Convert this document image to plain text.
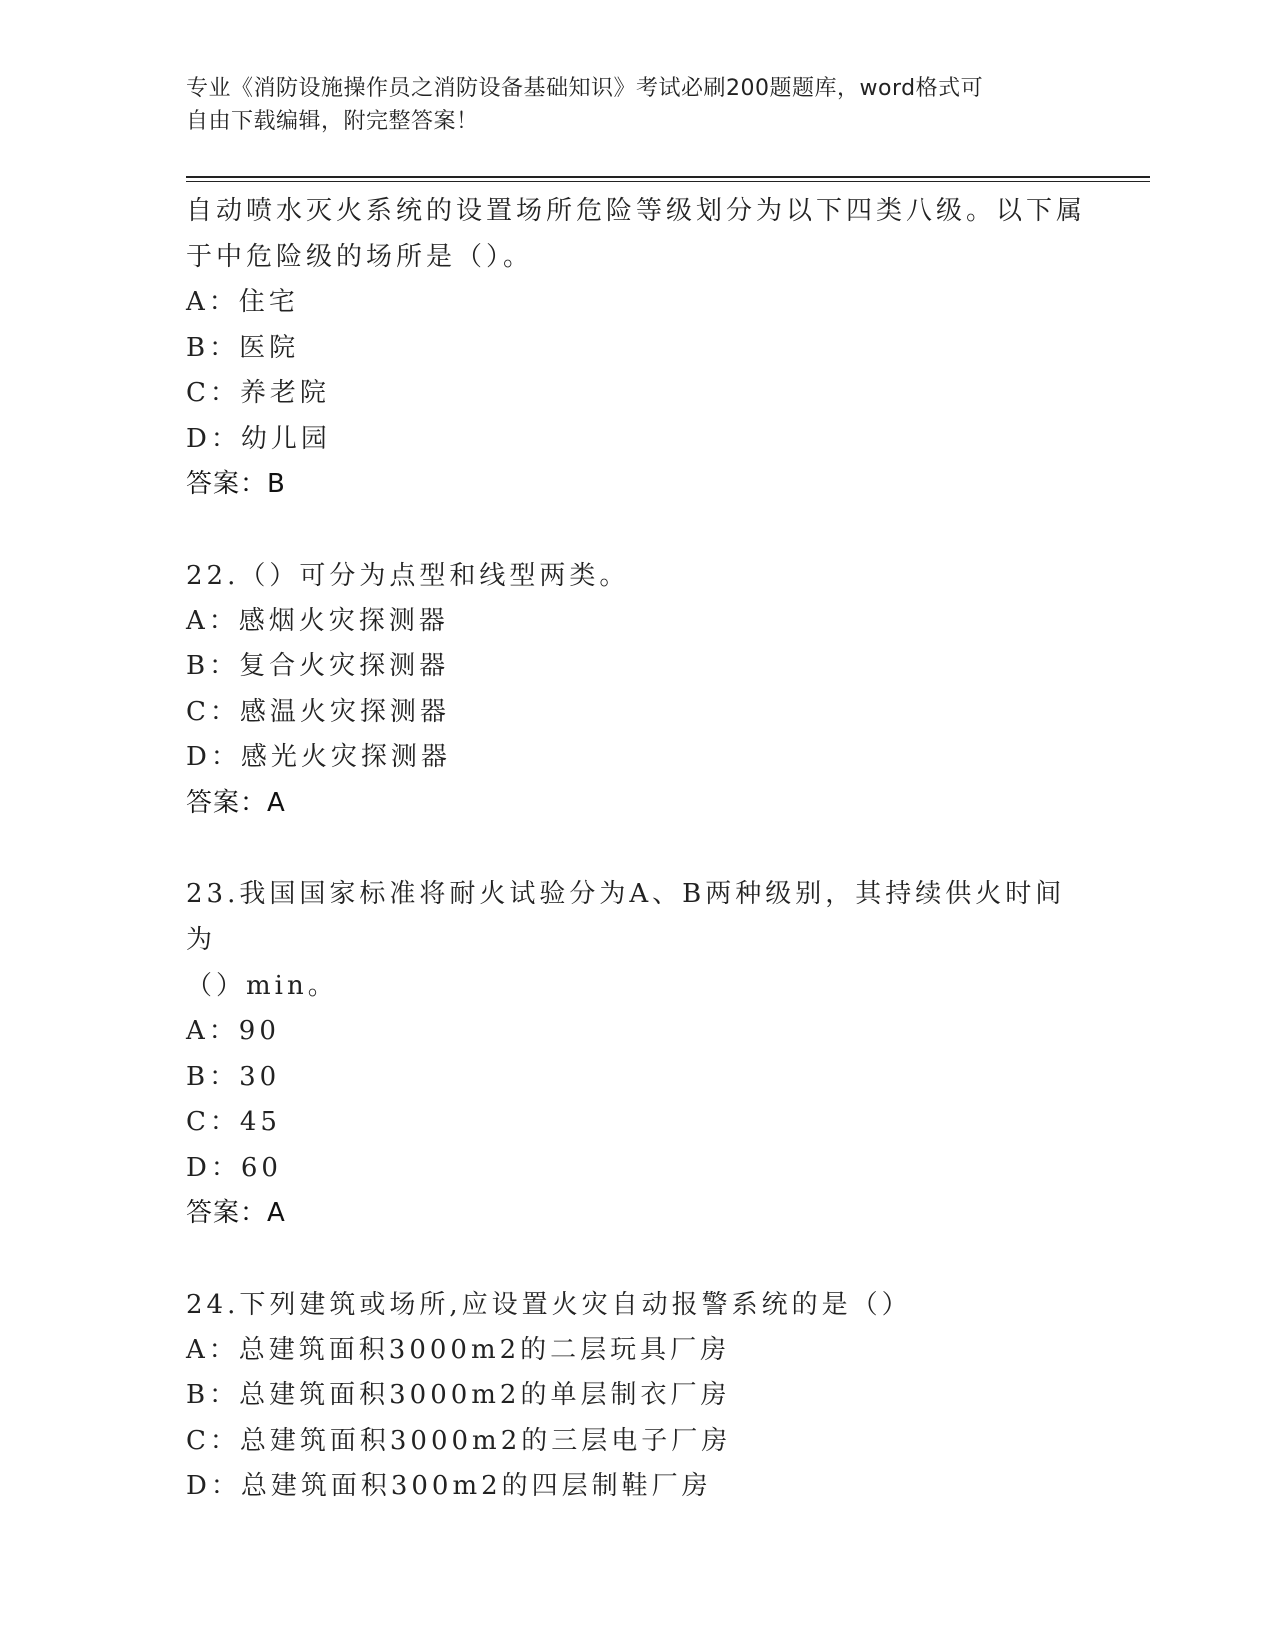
专业《消防设施操作员之消防设备基础知识》考试必刷200题题库，word格式可
自由下载编辑，附完整答案！
自动喷水灭火系统的设置场所危险等级划分为以下四类八级。以下属
于中危险级的场所是（）。
A：住宅
B：医院
C：养老院
D：幼儿园
答案：B
22.（）可分为点型和线型两类。
A：感烟火灾探测器
B：复合火灾探测器
C：感温火灾探测器
D：感光火灾探测器
答案：A
23.我国国家标准将耐火试验分为A、B两种级别，其持续供火时间为
（）min。
A：90
B：30
C：45
D：60
答案：A
24.下列建筑或场所,应设置火灾自动报警系统的是（）
A：总建筑面积3000m2的二层玩具厂房
B：总建筑面积3000m2的单层制衣厂房
C：总建筑面积3000m2的三层电子厂房
D：总建筑面积300m2的四层制鞋厂房
